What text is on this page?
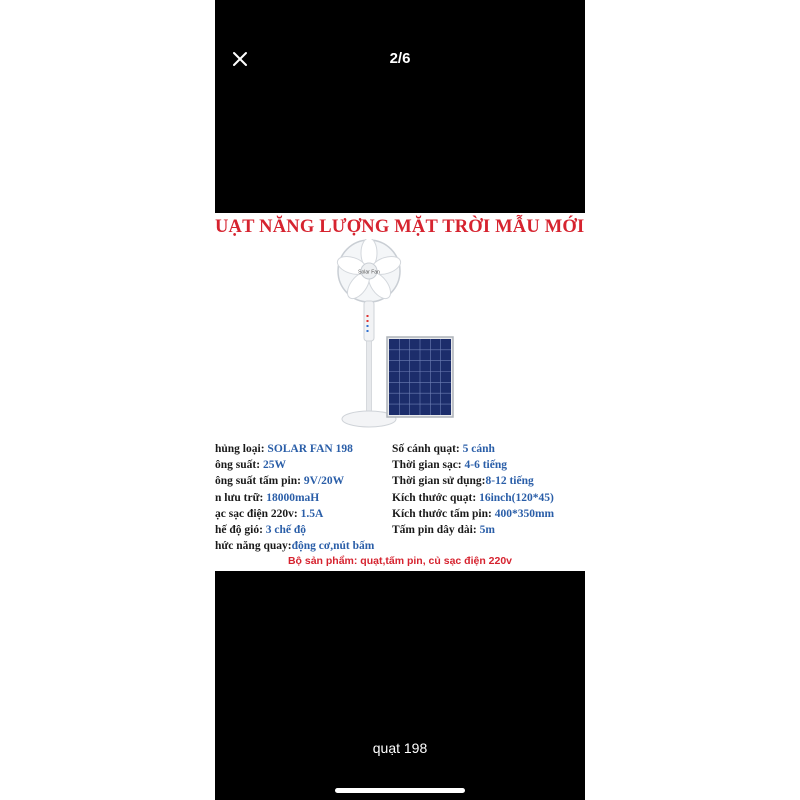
2/6
UẠT NĂNG LƯỢNG MẶT TRỜI MẪU MỚI
Solar Fan
hủng loại: SOLAR FAN 198
ông suất: 25W
ông suất tấm pin: 9V/20W
n lưu trữ: 18000maH
ạc sạc điện 220v: 1.5A
hế độ gió: 3 chế độ
hức năng quay:động cơ,nút bấm
Số cánh quạt: 5 cánh
Thời gian sạc: 4-6 tiếng
Thời gian sử dụng:8-12 tiếng
Kích thước quạt: 16inch(120*45)
Kích thước tấm pin: 400*350mm
Tấm pin dây dài: 5m
Bộ sản phẩm: quạt,tấm pin, củ sạc điện 220v
quạt 198
